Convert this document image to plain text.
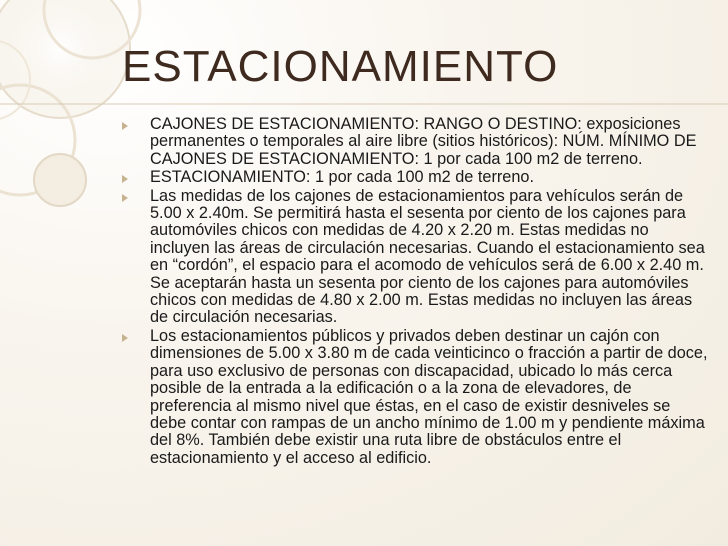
ESTACIONAMIENTO
CAJONES DE ESTACIONAMIENTO: RANGO O DESTINO: exposiciones permanentes o temporales al aire libre (sitios históricos): NÚM. MÍNIMO DE CAJONES DE ESTACIONAMIENTO: 1 por cada 100 m2 de terreno.
ESTACIONAMIENTO: 1 por cada 100 m2 de terreno.
Las medidas de los cajones de estacionamientos para vehículos serán de 5.00 x 2.40m. Se permitirá hasta el sesenta por ciento de los cajones para automóviles chicos con medidas de 4.20 x 2.20 m. Estas medidas no incluyen las áreas de circulación necesarias. Cuando el estacionamiento sea en “cordón”, el espacio para el acomodo de vehículos será de 6.00 x 2.40 m. Se aceptarán hasta un sesenta por ciento de los cajones para automóviles chicos con medidas de 4.80 x 2.00 m. Estas medidas no incluyen las áreas de circulación necesarias.
Los estacionamientos públicos y privados deben destinar un cajón con dimensiones de 5.00 x 3.80 m de cada veinticinco o fracción a partir de doce, para uso exclusivo de personas con discapacidad, ubicado lo más cerca posible de la entrada a la edificación o a la zona de elevadores, de preferencia al mismo nivel que éstas, en el caso de existir desniveles se debe contar con rampas de un ancho mínimo de 1.00 m y pendiente máxima del 8%. También debe existir una ruta libre de obstáculos entre el estacionamiento y el acceso al edificio.
